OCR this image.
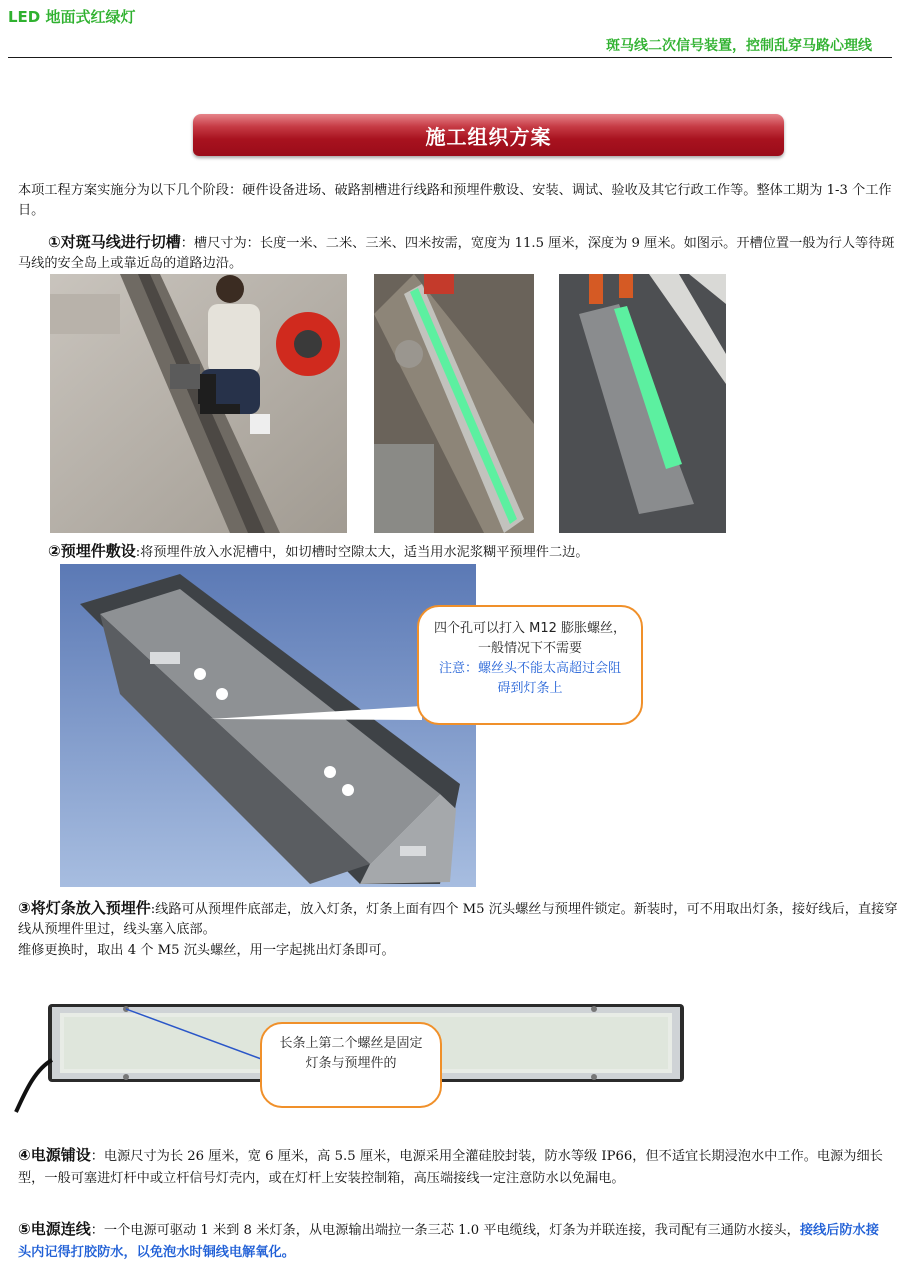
LED 地面式红绿灯
斑马线二次信号装置，控制乱穿马路心理线
施工组织方案
本项工程方案实施分为以下几个阶段：硬件设备进场、破路割槽进行线路和预埋件敷设、安装、调试、验收及其它行政工作等。整体工期为 1-3 个工作日。
①对斑马线进行切槽：槽尺寸为：长度一米、二米、三米、四米按需，宽度为 11.5 厘米，深度为 9 厘米。如图示。开槽位置一般为行人等待斑马线的安全岛上或靠近岛的道路边沿。
②预埋件敷设:将预埋件放入水泥槽中，如切槽时空隙太大，适当用水泥浆糊平预埋件二边。
四个孔可以打入 M12 膨胀螺丝，一般情况下不需要
注意：螺丝头不能太高超过会阻碍到灯条上
③将灯条放入预埋件:线路可从预埋件底部走，放入灯条，灯条上面有四个 M5 沉头螺丝与预埋件锁定。新装时，可不用取出灯条，接好线后，直接穿线从预埋件里过，线头塞入底部。
维修更换时，取出 4 个 M5 沉头螺丝，用一字起挑出灯条即可。
长条上第二个螺丝是固定灯条与预埋件的
④电源铺设：电源尺寸为长 26 厘米，宽 6 厘米，高 5.5 厘米，电源采用全灌硅胶封装，防水等级 IP66，但不适宜长期浸泡水中工作。电源为细长型，一般可塞进灯杆中或立杆信号灯壳内，或在灯杆上安装控制箱，高压端接线一定注意防水以免漏电。
⑤电源连线：一个电源可驱动 1 米到 8 米灯条，从电源输出端拉一条三芯 1.0 平电缆线，灯条为并联连接，我司配有三通防水接头，接线后防水接头内记得打胶防水，以免泡水时铜线电解氧化。
